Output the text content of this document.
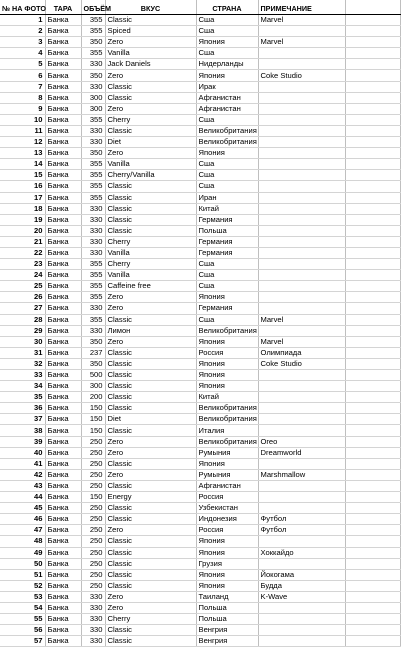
№ НА ФОТО	ТАРА	ОБЪЁМ	ВКУС	СТРАНА	ПРИМЕЧАНИЕ	
1	Банка	355	Classic	Сша	Marvel	
2	Банка	355	Spiced	Сша		
3	Банка	350	Zero	Япония	Marvel	
4	Банка	355	Vanilla	Сша		
5	Банка	330	Jack Daniels	Нидерланды		
6	Банка	350	Zero	Япония	Coke Studio	
7	Банка	330	Classic	Ирак		
8	Банка	300	Classic	Афганистан		
9	Банка	300	Zero	Афганистан		
10	Банка	355	Cherry	Сша		
11	Банка	330	Classic	Великобритания		
12	Банка	330	Diet	Великобритания		
13	Банка	350	Zero	Япония		
14	Банка	355	Vanilla	Сша		
15	Банка	355	Cherry/Vanilla	Сша		
16	Банка	355	Classic	Сша		
17	Банка	355	Classic	Иран		
18	Банка	330	Classic	Китай		
19	Банка	330	Classic	Германия		
20	Банка	330	Classic	Польша		
21	Банка	330	Cherry	Германия		
22	Банка	330	Vanilla	Германия		
23	Банка	355	Cherry	Сша		
24	Банка	355	Vanilla	Сша		
25	Банка	355	Caffeine free	Сша		
26	Банка	355	Zero	Япония		
27	Банка	330	Zero	Германия		
28	Банка	355	Classic	Сша	Marvel	
29	Банка	330	Лимон	Великобритания		
30	Банка	350	Zero	Япония	Marvel	
31	Банка	237	Classic	Россия	Олимпиада	
32	Банка	350	Classic	Япония	Coke Studio	
33	Банка	500	Classic	Япония		
34	Банка	300	Classic	Япония		
35	Банка	200	Classic	Китай		
36	Банка	150	Classic	Великобритания		
37	Банка	150	Diet	Великобритания		
38	Банка	150	Classic	Италия		
39	Банка	250	Zero	Великобритания	Oreo	
40	Банка	250	Zero	Румыния	Dreamworld	
41	Банка	250	Classic	Япония		
42	Банка	250	Zero	Румыния	Marshmallow	
43	Банка	250	Classic	Афганистан		
44	Банка	150	Energy	Россия		
45	Банка	250	Classic	Узбекистан		
46	Банка	250	Classic	Индонезия	Футбол	
47	Банка	250	Zero	Россия	Футбол	
48	Банка	250	Classic	Япония		
49	Банка	250	Classic	Япония	Хоккайдо	
50	Банка	250	Classic	Грузия		
51	Банка	250	Classic	Япония	Йокогама	
52	Банка	250	Classic	Япония	Будда	
53	Банка	330	Zero	Таиланд	K-Wave	
54	Банка	330	Zero	Польша		
55	Банка	330	Cherry	Польша		
56	Банка	330	Classic	Венгрия		
57	Банка	330	Classic	Венгрия		
